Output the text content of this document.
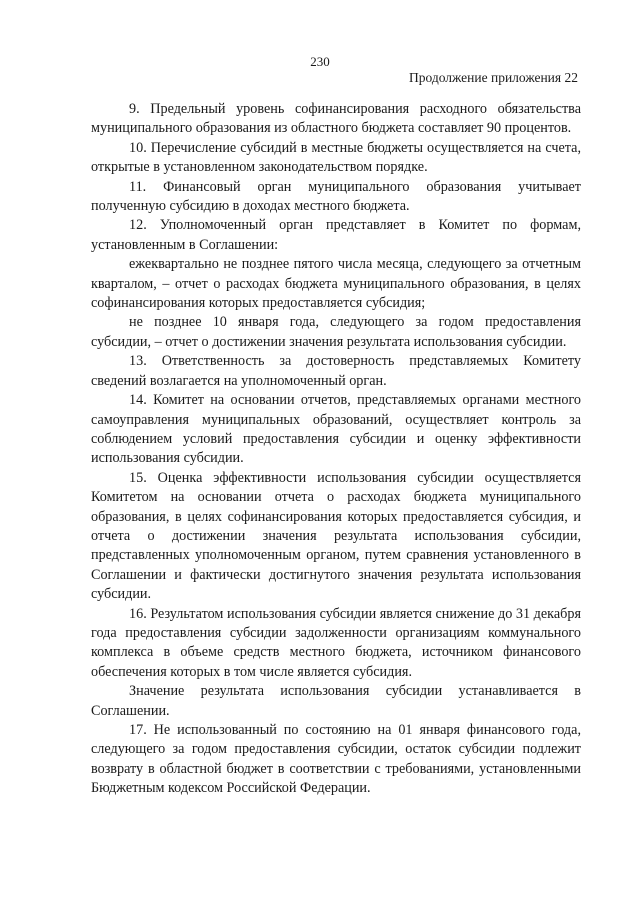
230
Продолжение приложения 22

9. Предельный уровень софинансирования расходного обязательства муниципального образования из областного бюджета составляет 90 процентов.

10. Перечисление субсидий в местные бюджеты осуществляется на счета, открытые в установленном законодательством порядке.

11. Финансовый орган муниципального образования учитывает полученную субсидию в доходах местного бюджета.

12. Уполномоченный орган представляет в Комитет по формам, установленным в Соглашении:

ежеквартально не позднее пятого числа месяца, следующего за отчетным кварталом, – отчет о расходах бюджета муниципального образования, в целях софинансирования которых предоставляется субсидия;

не позднее 10 января года, следующего за годом предоставления субсидии, – отчет о достижении значения результата использования субсидии.

13. Ответственность за достоверность представляемых Комитету сведений возлагается на уполномоченный орган.

14. Комитет на основании отчетов, представляемых органами местного самоуправления муниципальных образований, осуществляет контроль за соблюдением условий предоставления субсидии и оценку эффективности использования субсидии.

15. Оценка эффективности использования субсидии осуществляется Комитетом на основании отчета о расходах бюджета муниципального образования, в целях софинансирования которых предоставляется субсидия, и отчета о достижении значения результата использования субсидии, представленных уполномоченным органом, путем сравнения установленного в Соглашении и фактически достигнутого значения результата использования субсидии.

16. Результатом использования субсидии является снижение до 31 декабря года предоставления субсидии задолженности организациям коммунального комплекса в объеме средств местного бюджета, источником финансового обеспечения которых в том числе является субсидия.

Значение результата использования субсидии устанавливается в Соглашении.

17. Не использованный по состоянию на 01 января финансового года, следующего за годом предоставления субсидии, остаток субсидии подлежит возврату в областной бюджет в соответствии с требованиями, установленными Бюджетным кодексом Российской Федерации.
